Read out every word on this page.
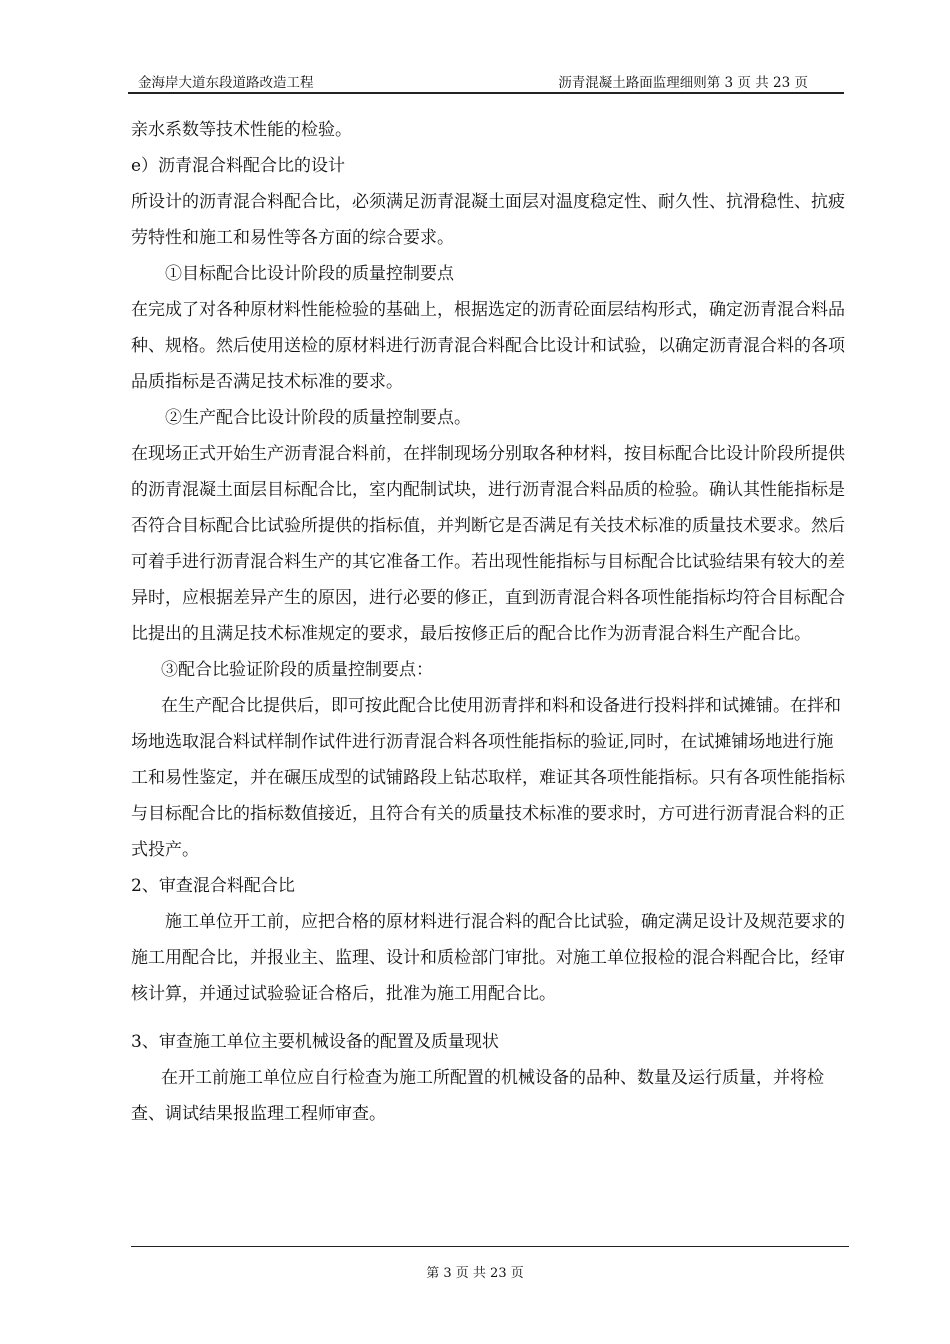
金海岸大道东段道路改造工程	沥青混凝土路面监理细则第 3 页 共 23 页

亲水系数等技术性能的检验。

e）沥青混合料配合比的设计

所设计的沥青混合料配合比，必须满足沥青混凝土面层对温度稳定性、耐久性、抗滑稳性、抗疲劳特性和施工和易性等各方面的综合要求。

①目标配合比设计阶段的质量控制要点

在完成了对各种原材料性能检验的基础上，根据选定的沥青砼面层结构形式，确定沥青混合料品种、规格。然后使用送检的原材料进行沥青混合料配合比设计和试验，以确定沥青混合料的各项品质指标是否满足技术标准的要求。

②生产配合比设计阶段的质量控制要点。

在现场正式开始生产沥青混合料前，在拌制现场分别取各种材料，按目标配合比设计阶段所提供的沥青混凝土面层目标配合比，室内配制试块，进行沥青混合料品质的检验。确认其性能指标是否符合目标配合比试验所提供的指标值，并判断它是否满足有关技术标准的质量技术要求。然后可着手进行沥青混合料生产的其它准备工作。若出现性能指标与目标配合比试验结果有较大的差异时，应根据差异产生的原因，进行必要的修正，直到沥青混合料各项性能指标均符合目标配合比提出的且满足技术标准规定的要求，最后按修正后的配合比作为沥青混合料生产配合比。

③配合比验证阶段的质量控制要点：

在生产配合比提供后，即可按此配合比使用沥青拌和料和设备进行投料拌和试摊铺。在拌和场地选取混合料试样制作试件进行沥青混合料各项性能指标的验证,同时，在试摊铺场地进行施工和易性鉴定，并在碾压成型的试铺路段上钻芯取样，难证其各项性能指标。只有各项性能指标与目标配合比的指标数值接近，且符合有关的质量技术标准的要求时，方可进行沥青混合料的正式投产。

2、审查混合料配合比

施工单位开工前，应把合格的原材料进行混合料的配合比试验，确定满足设计及规范要求的施工用配合比，并报业主、监理、设计和质检部门审批。对施工单位报检的混合料配合比，经审核计算，并通过试验验证合格后，批准为施工用配合比。

3、审查施工单位主要机械设备的配置及质量现状

在开工前施工单位应自行检查为施工所配置的机械设备的品种、数量及运行质量，并将检查、调试结果报监理工程师审查。

第 3 页 共 23 页
